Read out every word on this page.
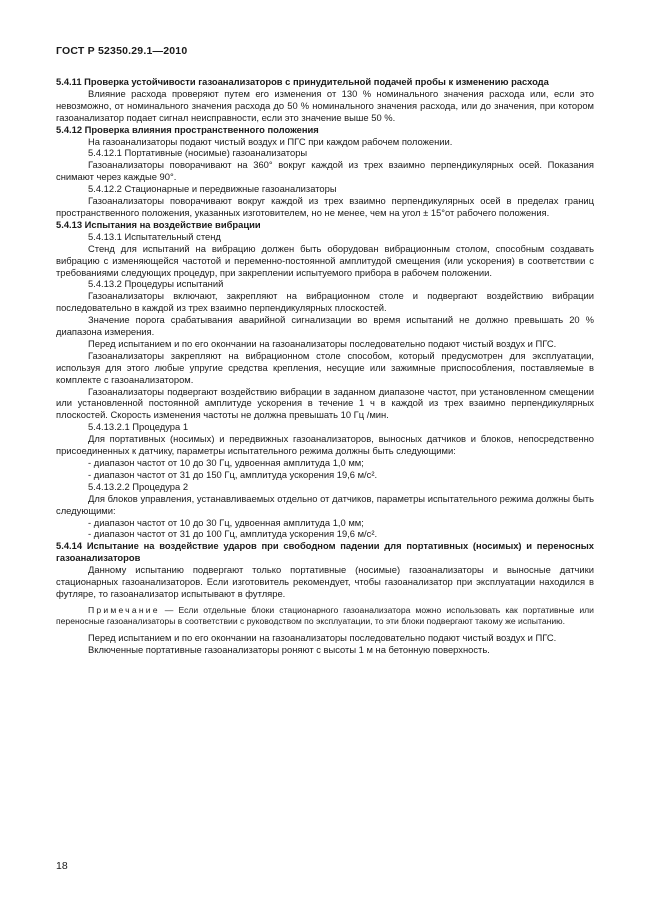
ГОСТ Р 52350.29.1—2010

5.4.11 Проверка устойчивости газоанализаторов с принудительной подачей пробы к изменению расхода

Влияние расхода проверяют путем его изменения от 130 % номинального значения расхода или, если это невозможно, от номинального значения расхода до 50 % номинального значения расхода, или до значения, при котором газоанализатор подает сигнал неисправности, если это значение выше 50 %.

5.4.12 Проверка влияния пространственного положения

На газоанализаторы подают чистый воздух и ПГС при каждом рабочем положении.

5.4.12.1 Портативные (носимые) газоанализаторы

Газоанализаторы поворачивают на 360° вокруг каждой из трех взаимно перпендикулярных осей. Показания снимают через каждые 90°.

5.4.12.2 Стационарные и передвижные газоанализаторы

Газоанализаторы поворачивают вокруг каждой из трех взаимно перпендикулярных осей в пределах границ пространственного положения, указанных изготовителем, но не менее, чем на угол ± 15°от рабочего положения.

5.4.13 Испытания на воздействие вибрации

5.4.13.1 Испытательный стенд

Стенд для испытаний на вибрацию должен быть оборудован вибрационным столом, способным создавать вибрацию с изменяющейся частотой и переменно-постоянной амплитудой смещения (или ускорения) в соответствии с требованиями следующих процедур, при закреплении испытуемого прибора в рабочем положении.

5.4.13.2 Процедуры испытаний

Газоанализаторы включают, закрепляют на вибрационном столе и подвергают воздействию вибрации последовательно в каждой из трех взаимно перпендикулярных плоскостей.

Значение порога срабатывания аварийной сигнализации во время испытаний не должно превышать 20 % диапазона измерения.

Перед испытанием и по его окончании на газоанализаторы последовательно подают чистый воздух и ПГС.

Газоанализаторы закрепляют на вибрационном столе способом, который предусмотрен для эксплуатации, используя для этого любые упругие средства крепления, несущие или зажимные приспособления, поставляемые в комплекте с газоанализатором.

Газоанализаторы подвергают воздействию вибрации в заданном диапазоне частот, при установленном смещении или установленной постоянной амплитуде ускорения в течение 1 ч в каждой из трех взаимно перпендикулярных плоскостей. Скорость изменения частоты не должна превышать 10 Гц /мин.

5.4.13.2.1 Процедура 1

Для портативных (носимых) и передвижных газоанализаторов, выносных датчиков и блоков, непосредственно присоединенных к датчику, параметры испытательного режима должны быть следующими:

- диапазон частот от 10 до 30 Гц, удвоенная амплитуда 1,0 мм;

- диапазон частот от 31 до 150 Гц, амплитуда ускорения 19,6 м/с².

5.4.13.2.2 Процедура 2

Для блоков управления, устанавливаемых отдельно от датчиков, параметры испытательного режима должны быть следующими:

- диапазон частот от 10 до 30 Гц, удвоенная амплитуда 1,0 мм;

- диапазон частот от 31 до 100 Гц, амплитуда ускорения 19,6 м/с².

5.4.14 Испытание на воздействие ударов при свободном падении для портативных (носимых) и переносных газоанализаторов

Данному испытанию подвергают только портативные (носимые) газоанализаторы и выносные датчики стационарных газоанализаторов. Если изготовитель рекомендует, чтобы газоанализатор при эксплуатации находился в футляре, то газоанализатор испытывают в футляре.

Примечание — Если отдельные блоки стационарного газоанализатора можно использовать как портативные или переносные газоанализаторы в соответствии с руководством по эксплуатации, то эти блоки подвергают такому же испытанию.

Перед испытанием и по его окончании на газоанализаторы последовательно подают чистый воздух и ПГС.

Включенные портативные газоанализаторы роняют с высоты 1 м на бетонную поверхность.

18
